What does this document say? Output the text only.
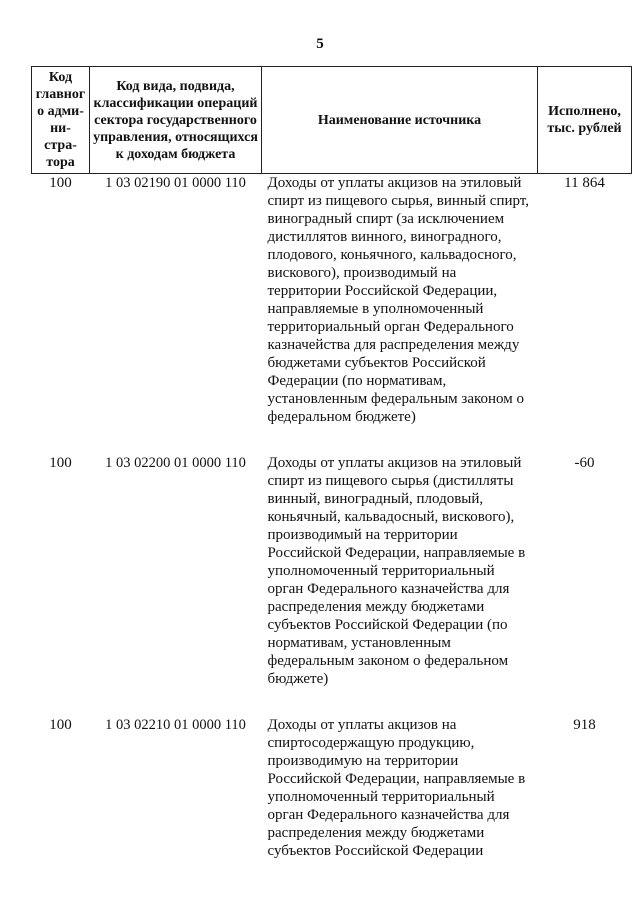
5
Код главного адми-ни-стра-тора	Код вида, подвида, классификации операций сектора государственного управления, относящихся к доходам бюджета	Наименование источника	Исполнено, тыс. рублей
100	1 03 02190 01 0000 110	Доходы от уплаты акцизов на этиловый спирт из пищевого сырья, винный спирт, виноградный спирт (за исключением дистиллятов винного, виноградного, плодового, коньячного, кальвадосного, вискового), производимый на территории Российской Федерации, направляемые в уполномоченный территориальный орган Федерального казначейства для распределения между бюджетами субъектов Российской Федерации (по нормативам, установленным федеральным законом о федеральном бюджете)	11 864
100	1 03 02200 01 0000 110	Доходы от уплаты акцизов на этиловый спирт из пищевого сырья (дистилляты винный, виноградный, плодовый, коньячный, кальвадосный, вискового), производимый на территории Российской Федерации, направляемые в уполномоченный территориальный орган Федерального казначейства для распределения между бюджетами субъектов Российской Федерации (по нормативам, установленным федеральным законом о федеральном бюджете)	-60
100	1 03 02210 01 0000 110	Доходы от уплаты акцизов на спиртосодержащую продукцию, производимую на территории Российской Федерации, направляемые в уполномоченный территориальный орган Федерального казначейства для распределения между бюджетами субъектов Российской Федерации	918
